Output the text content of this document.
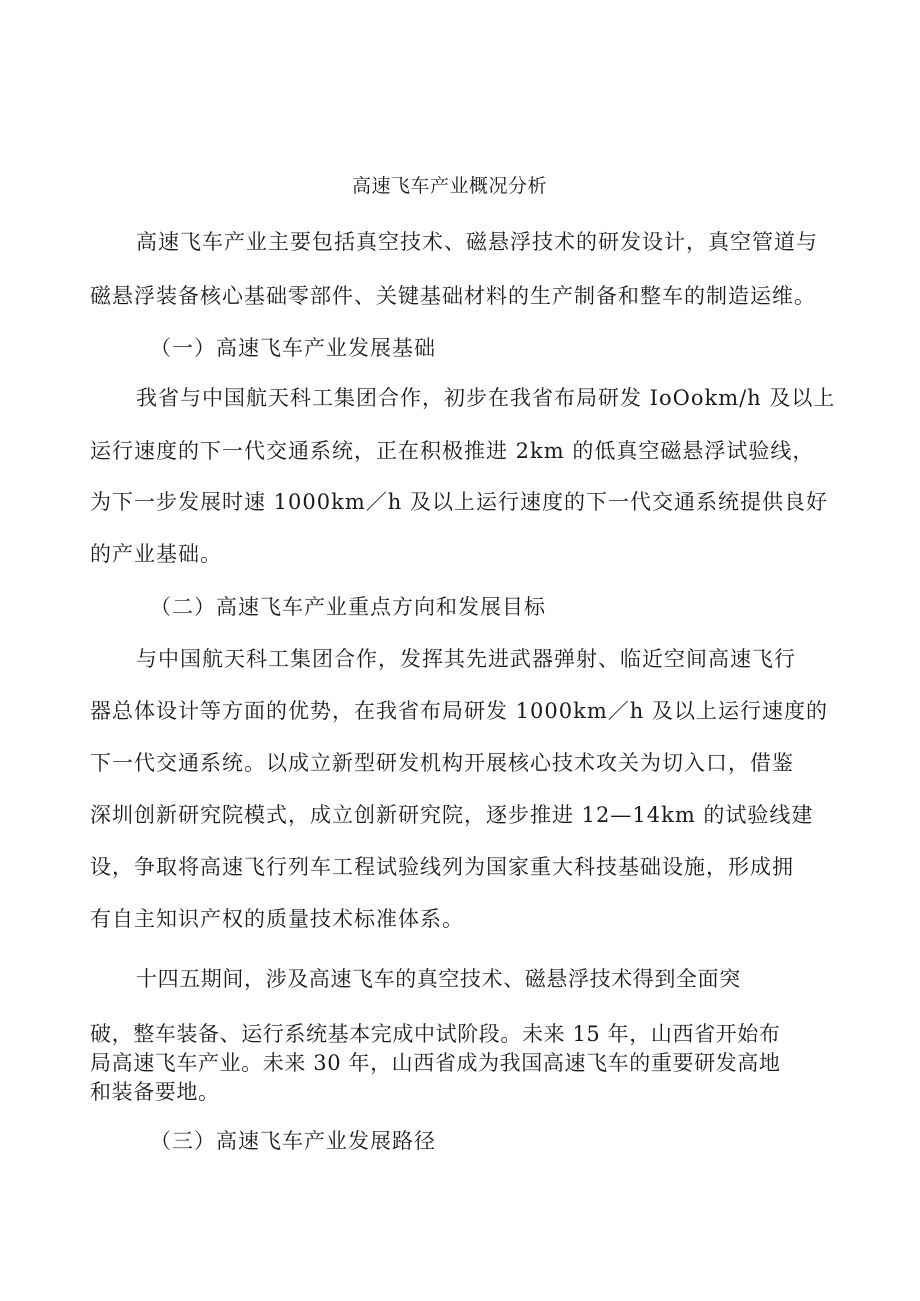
高速飞车产业概况分析

高速飞车产业主要包括真空技术、磁悬浮技术的研发设计，真空管道与

磁悬浮装备核心基础零部件、关键基础材料的生产制备和整车的制造运维。

（一）高速飞车产业发展基础

我省与中国航天科工集团合作，初步在我省布局研发 IoOokm/h 及以上

运行速度的下一代交通系统，正在积极推进 2km 的低真空磁悬浮试验线，

为下一步发展时速 1000km／h 及以上运行速度的下一代交通系统提供良好

的产业基础。

（二）高速飞车产业重点方向和发展目标

与中国航天科工集团合作，发挥其先进武器弹射、临近空间高速飞行

器总体设计等方面的优势，在我省布局研发 1000km／h 及以上运行速度的

下一代交通系统。以成立新型研发机构开展核心技术攻关为切入口，借鉴

深圳创新研究院模式，成立创新研究院，逐步推进 12—14km 的试验线建

设，争取将高速飞行列车工程试验线列为国家重大科技基础设施，形成拥

有自主知识产权的质量技术标准体系。

十四五期间，涉及高速飞车的真空技术、磁悬浮技术得到全面突

破，整车装备、运行系统基本完成中试阶段。未来 15 年，山西省开始布

局高速飞车产业。未来 30 年，山西省成为我国高速飞车的重要研发高地

和装备要地。

（三）高速飞车产业发展路径
